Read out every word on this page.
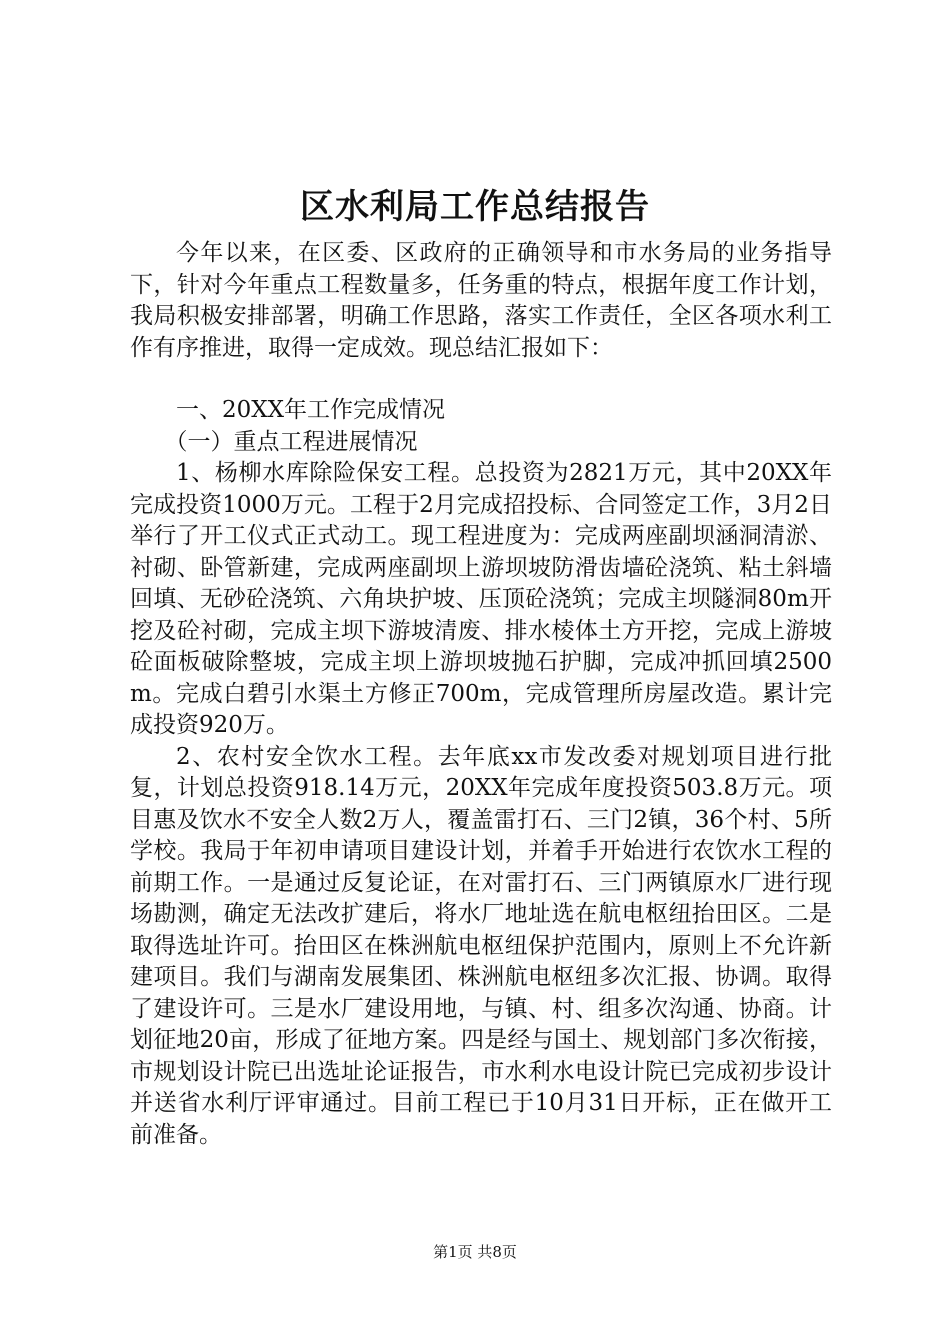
区水利局工作总结报告

今年以来，在区委、区政府的正确领导和市水务局的业务指导下，针对今年重点工程数量多，任务重的特点，根据年度工作计划，我局积极安排部署，明确工作思路，落实工作责任，全区各项水利工作有序推进，取得一定成效。现总结汇报如下：

一、20XX年工作完成情况

（一）重点工程进展情况

1、杨柳水库除险保安工程。总投资为2821万元，其中20XX年完成投资1000万元。工程于2月完成招投标、合同签定工作，3月2日举行了开工仪式正式动工。现工程进度为：完成两座副坝涵洞清淤、衬砌、卧管新建，完成两座副坝上游坝坡防滑齿墙砼浇筑、粘土斜墙回填、无砂砼浇筑、六角块护坡、压顶砼浇筑；完成主坝隧洞80m开挖及砼衬砌，完成主坝下游坡清废、排水棱体土方开挖，完成上游坡砼面板破除整坡，完成主坝上游坝坡抛石护脚，完成冲抓回填2500m。完成白碧引水渠土方修正700m，完成管理所房屋改造。累计完成投资920万。

2、农村安全饮水工程。去年底xx市发改委对规划项目进行批复，计划总投资918.14万元，20XX年完成年度投资503.8万元。项目惠及饮水不安全人数2万人，覆盖雷打石、三门2镇，36个村、5所学校。我局于年初申请项目建设计划，并着手开始进行农饮水工程的前期工作。一是通过反复论证，在对雷打石、三门两镇原水厂进行现场勘测，确定无法改扩建后，将水厂地址选在航电枢纽抬田区。二是取得选址许可。抬田区在株洲航电枢纽保护范围内，原则上不允许新建项目。我们与湖南发展集团、株洲航电枢纽多次汇报、协调。取得了建设许可。三是水厂建设用地，与镇、村、组多次沟通、协商。计划征地20亩，形成了征地方案。四是经与国土、规划部门多次衔接，市规划设计院已出选址论证报告，市水利水电设计院已完成初步设计并送省水利厅评审通过。目前工程已于10月31日开标，正在做开工前准备。

第1页 共8页
